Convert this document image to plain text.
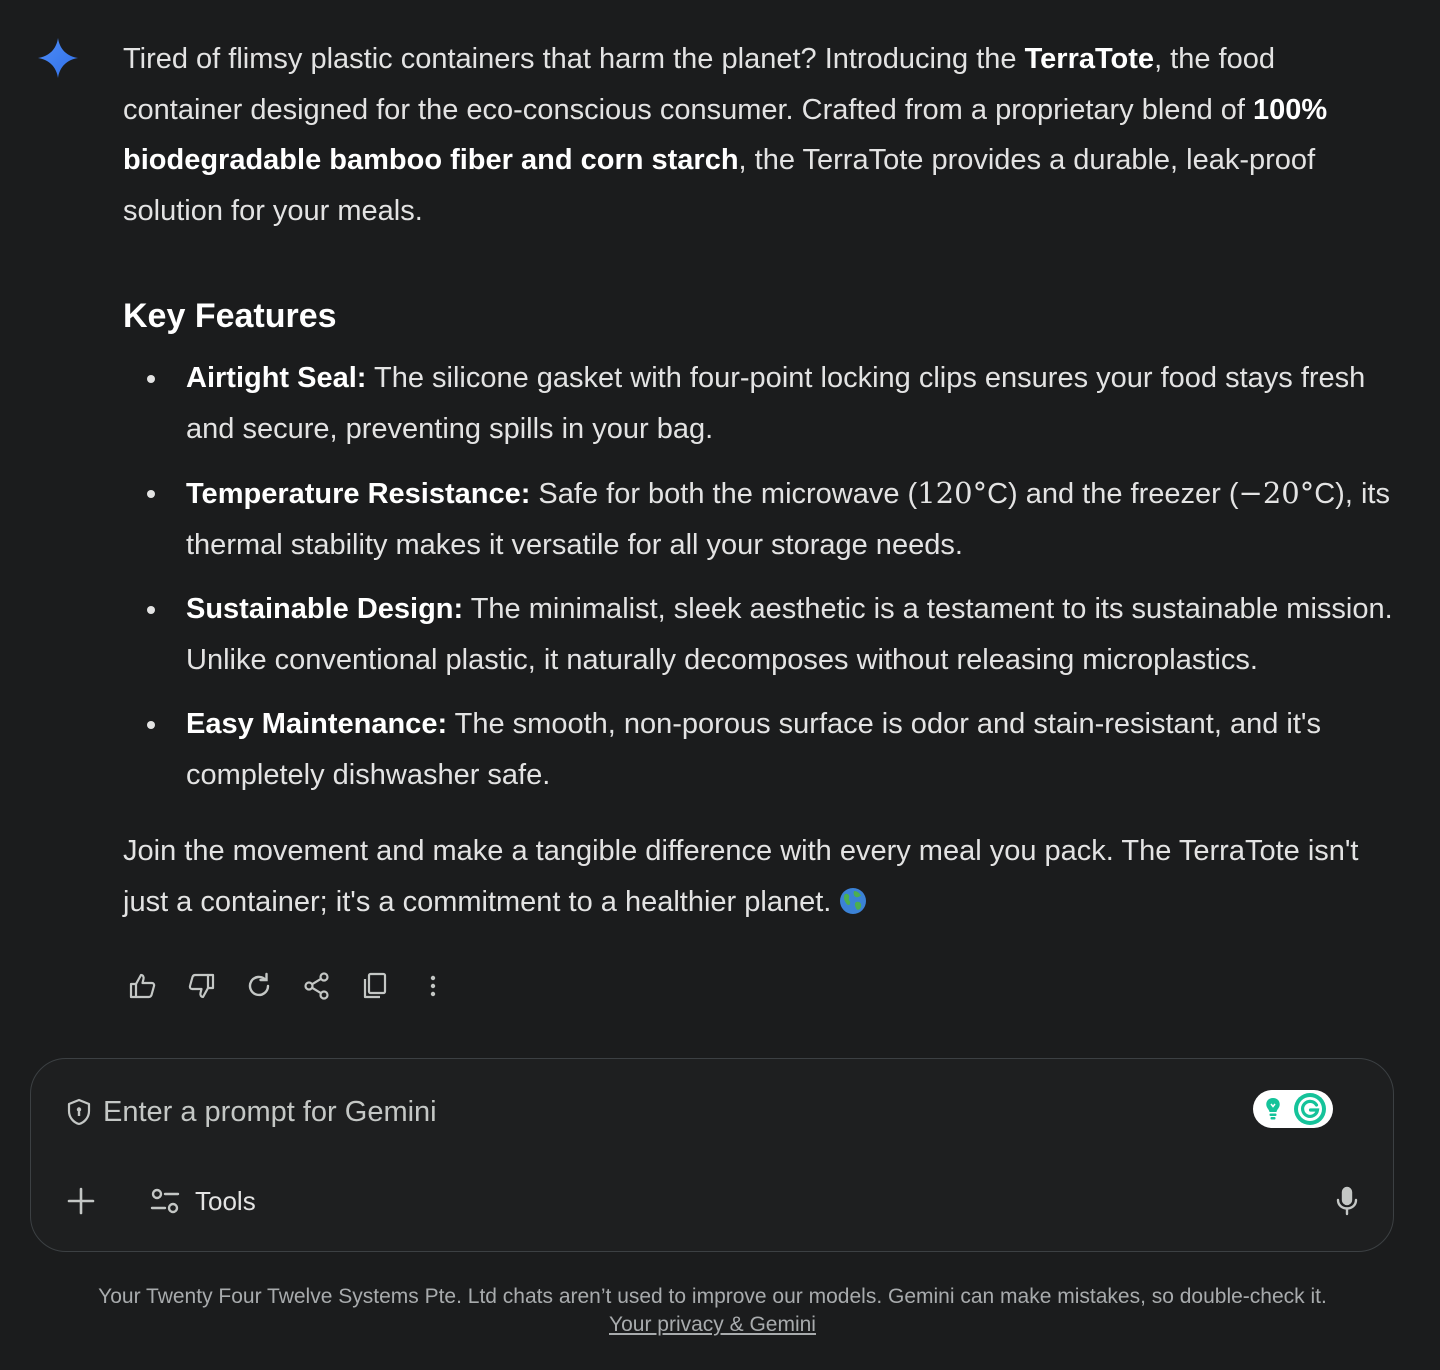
Tired of flimsy plastic containers that harm the planet? Introducing the TerraTote, the food container designed for the eco-conscious consumer. Crafted from a proprietary blend of 100% biodegradable bamboo fiber and corn starch, the TerraTote provides a durable, leak-proof solution for your meals.

Key Features
Airtight Seal: The silicone gasket with four-point locking clips ensures your food stays fresh and secure, preventing spills in your bag.
Temperature Resistance: Safe for both the microwave (120°C) and the freezer (−20°C), its thermal stability makes it versatile for all your storage needs.
Sustainable Design: The minimalist, sleek aesthetic is a testament to its sustainable mission. Unlike conventional plastic, it naturally decomposes without releasing microplastics.
Easy Maintenance: The smooth, non-porous surface is odor and stain-resistant, and it's completely dishwasher safe.

Join the movement and make a tangible difference with every meal you pack. The TerraTote isn't just a container; it's a commitment to a healthier planet.

Enter a prompt for Gemini
Tools
Your Twenty Four Twelve Systems Pte. Ltd chats aren’t used to improve our models. Gemini can make mistakes, so double-check it.
Your privacy & Gemini
